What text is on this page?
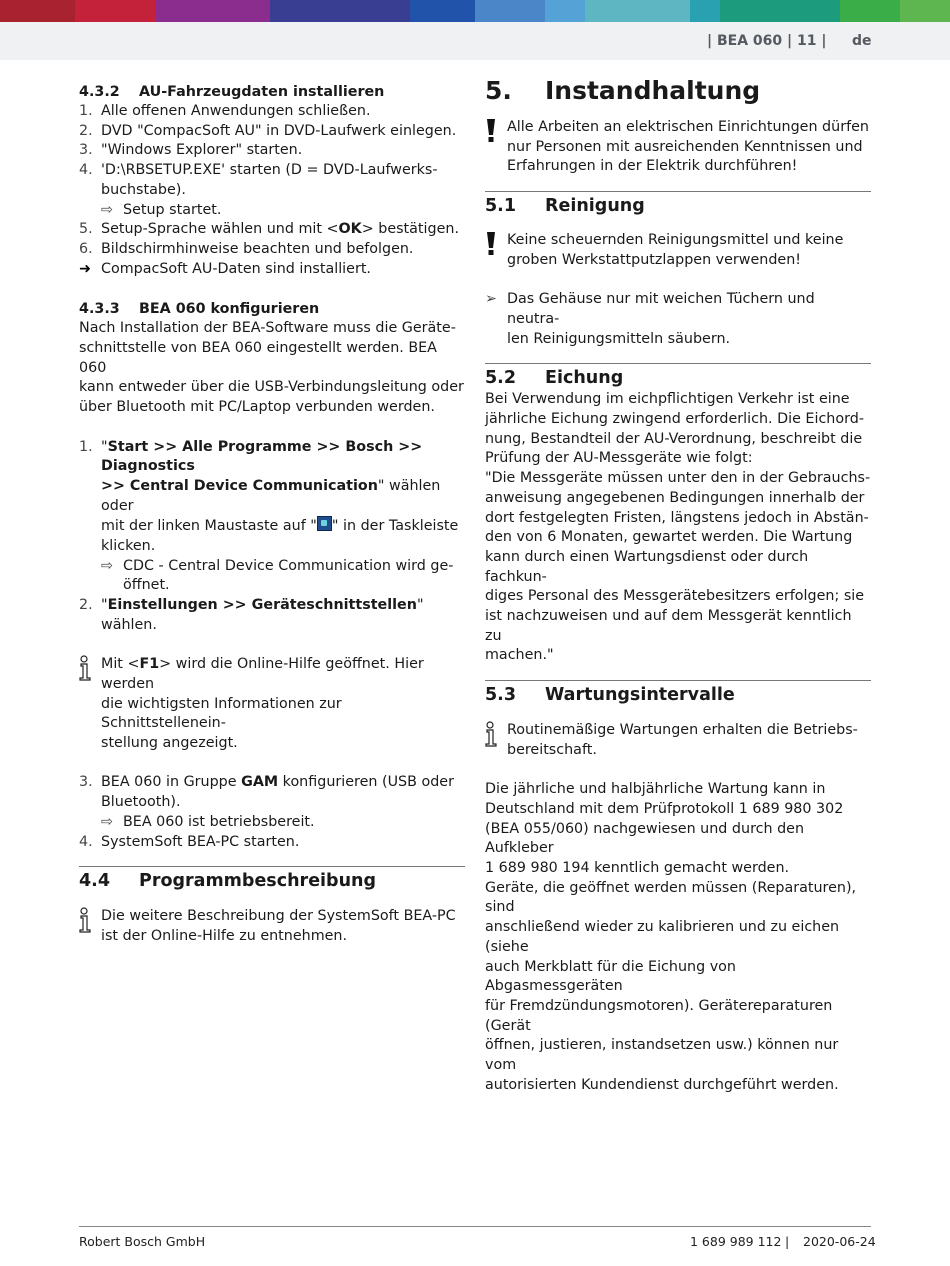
| BEA 060 | 11 | de
4.3.2 AU-Fahrzeugdaten installieren
1. Alle offenen Anwendungen schließen.
2. DVD "CompacSoft AU" in DVD-Laufwerk einlegen.
3. "Windows Explorer" starten.
4. 'D:\RBSETUP.EXE' starten (D = DVD-Laufwerks-
buchstabe).
⇨ Setup startet.
5. Setup-Sprache wählen und mit <OK> bestätigen.
6. Bildschirmhinweise beachten und befolgen.
➜ CompacSoft AU-Daten sind installiert.
4.3.3 BEA 060 konfigurieren
Nach Installation der BEA-Software muss die Geräte-
schnittstelle von BEA 060 eingestellt werden. BEA 060
kann entweder über die USB-Verbindungsleitung oder
über Bluetooth mit PC/Laptop verbunden werden.
1. "Start >> Alle Programme >> Bosch >> Diagnostics
>> Central Device Communication" wählen oder
mit der linken Maustaste auf " " in der Taskleiste
klicken.
⇨ CDC - Central Device Communication wird ge-
öffnet.
2. "Einstellungen >> Geräteschnittstellen" wählen.
Mit <F1> wird die Online-Hilfe geöffnet. Hier werden
die wichtigsten Informationen zur Schnittstellenein-
stellung angezeigt.
3. BEA 060 in Gruppe GAM konfigurieren (USB oder
Bluetooth).
⇨ BEA 060 ist betriebsbereit.
4. SystemSoft BEA-PC starten.
4.4 Programmbeschreibung
Die weitere Beschreibung der SystemSoft BEA-PC
ist der Online-Hilfe zu entnehmen.
5. Instandhaltung
Alle Arbeiten an elektrischen Einrichtungen dürfen
nur Personen mit ausreichenden Kenntnissen und
Erfahrungen in der Elektrik durchführen!
5.1 Reinigung
Keine scheuernden Reinigungsmittel und keine
groben Werkstattputzlappen verwenden!
➢ Das Gehäuse nur mit weichen Tüchern und neutra-
len Reinigungsmitteln säubern.
5.2 Eichung
Bei Verwendung im eichpflichtigen Verkehr ist eine
jährliche Eichung zwingend erforderlich. Die Eichord-
nung, Bestandteil der AU-Verordnung, beschreibt die
Prüfung der AU-Messgeräte wie folgt:
"Die Messgeräte müssen unter den in der Gebrauchs-
anweisung angegebenen Bedingungen innerhalb der
dort festgelegten Fristen, längstens jedoch in Abstän-
den von 6 Monaten, gewartet werden. Die Wartung
kann durch einen Wartungsdienst oder durch fachkun-
diges Personal des Messgerätebesitzers erfolgen; sie
ist nachzuweisen und auf dem Messgerät kenntlich zu
machen."
5.3 Wartungsintervalle
Routinemäßige Wartungen erhalten die Betriebs-
bereitschaft.
Die jährliche und halbjährliche Wartung kann in
Deutschland mit dem Prüfprotokoll 1 689 980 302
(BEA 055/060) nachgewiesen und durch den Aufkleber
1 689 980 194 kenntlich gemacht werden.
Geräte, die geöffnet werden müssen (Reparaturen), sind
anschließend wieder zu kalibrieren und zu eichen (siehe
auch Merkblatt für die Eichung von Abgasmessgeräten
für Fremdzündungsmotoren). Gerätereparaturen (Gerät
öffnen, justieren, instandsetzen usw.) können nur vom
autorisierten Kundendienst durchgeführt werden.
Robert Bosch GmbH	1 689 989 112 | 2020-06-24
